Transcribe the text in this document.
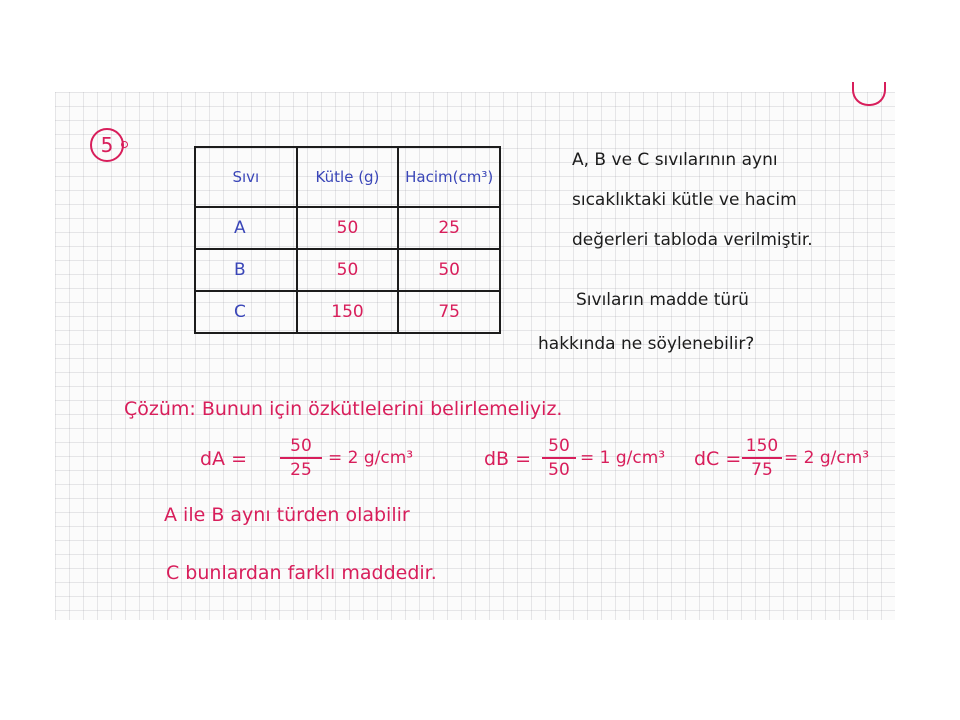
5
Sıvı	Kütle (g)	Hacim(cm³)
A	50	25
B	50	50
C	150	75
A, B ve C sıvılarının aynı
sıcaklıktaki kütle ve hacim
değerleri tabloda verilmiştir.
Sıvıların madde türü
hakkında ne söylenebilir?
Çözüm: Bunun için özkütlelerini belirlemeliyiz.
dA =
50
25
= 2 g/cm³	dB =
50
50
= 1 g/cm³ dC =
150
75
= 2 g/cm³
A ile B aynı türden olabilir
C bunlardan farklı maddedir.
